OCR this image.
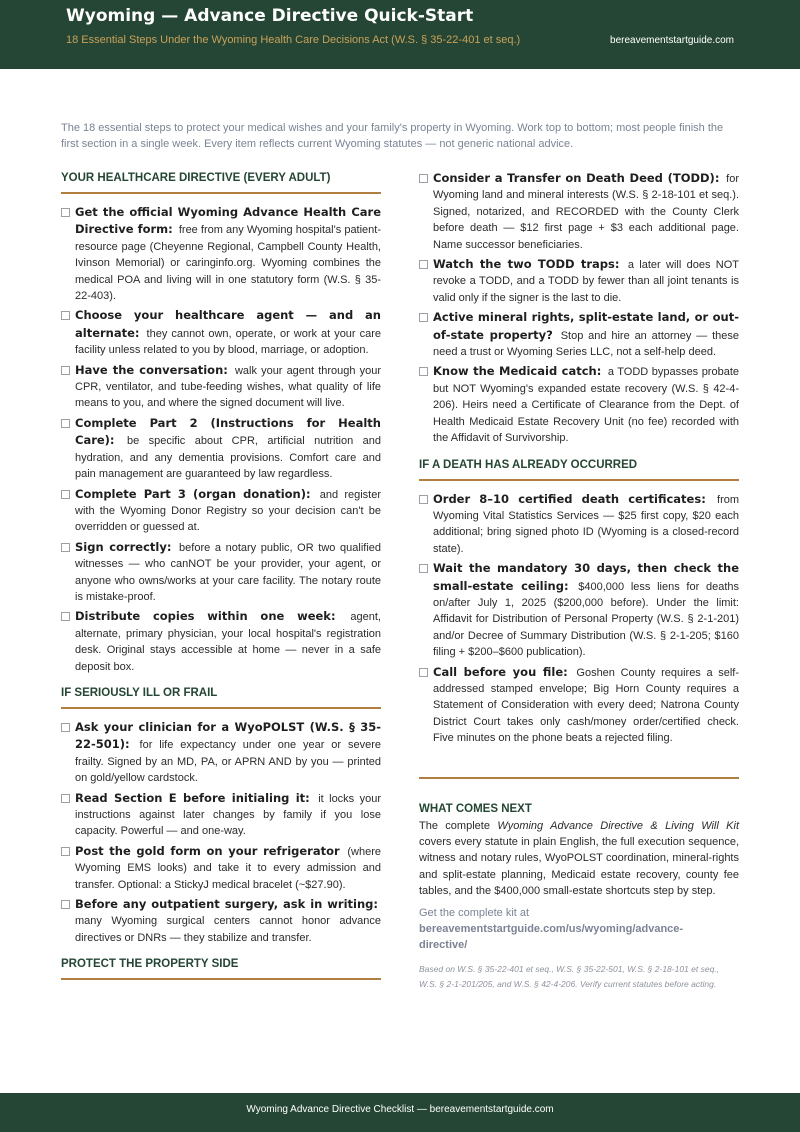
Wyoming — Advance Directive Quick-Start
18 Essential Steps Under the Wyoming Health Care Decisions Act (W.S. § 35-22-401 et seq.)	bereavementstartguide.com
The 18 essential steps to protect your medical wishes and your family's property in Wyoming. Work top to bottom; most people finish the first section in a single week. Every item reflects current Wyoming statutes — not generic national advice.
YOUR HEALTHCARE DIRECTIVE (EVERY ADULT)
Get the official Wyoming Advance Health Care Directive form: free from any Wyoming hospital's patient-resource page (Cheyenne Regional, Campbell County Health, Ivinson Memorial) or caringinfo.org. Wyoming combines the medical POA and living will in one statutory form (W.S. § 35-22-403).
Choose your healthcare agent — and an alternate: they cannot own, operate, or work at your care facility unless related to you by blood, marriage, or adoption.
Have the conversation: walk your agent through your CPR, ventilator, and tube-feeding wishes, what quality of life means to you, and where the signed document will live.
Complete Part 2 (Instructions for Health Care): be specific about CPR, artificial nutrition and hydration, and any dementia provisions. Comfort care and pain management are guaranteed by law regardless.
Complete Part 3 (organ donation): and register with the Wyoming Donor Registry so your decision can't be overridden or guessed at.
Sign correctly: before a notary public, OR two qualified witnesses — who canNOT be your provider, your agent, or anyone who owns/works at your care facility. The notary route is mistake-proof.
Distribute copies within one week: agent, alternate, primary physician, your local hospital's registration desk. Original stays accessible at home — never in a safe deposit box.
IF SERIOUSLY ILL OR FRAIL
Ask your clinician for a WyoPOLST (W.S. § 35-22-501): for life expectancy under one year or severe frailty. Signed by an MD, PA, or APRN AND by you — printed on gold/yellow cardstock.
Read Section E before initialing it: it locks your instructions against later changes by family if you lose capacity. Powerful — and one-way.
Post the gold form on your refrigerator (where Wyoming EMS looks) and take it to every admission and transfer. Optional: a StickyJ medical bracelet (~$27.90).
Before any outpatient surgery, ask in writing: many Wyoming surgical centers cannot honor advance directives or DNRs — they stabilize and transfer.
PROTECT THE PROPERTY SIDE
Consider a Transfer on Death Deed (TODD): for Wyoming land and mineral interests (W.S. § 2-18-101 et seq.). Signed, notarized, and RECORDED with the County Clerk before death — $12 first page + $3 each additional page. Name successor beneficiaries.
Watch the two TODD traps: a later will does NOT revoke a TODD, and a TODD by fewer than all joint tenants is valid only if the signer is the last to die.
Active mineral rights, split-estate land, or out-of-state property? Stop and hire an attorney — these need a trust or Wyoming Series LLC, not a self-help deed.
Know the Medicaid catch: a TODD bypasses probate but NOT Wyoming's expanded estate recovery (W.S. § 42-4-206). Heirs need a Certificate of Clearance from the Dept. of Health Medicaid Estate Recovery Unit (no fee) recorded with the Affidavit of Survivorship.
IF A DEATH HAS ALREADY OCCURRED
Order 8–10 certified death certificates: from Wyoming Vital Statistics Services — $25 first copy, $20 each additional; bring signed photo ID (Wyoming is a closed-record state).
Wait the mandatory 30 days, then check the small-estate ceiling: $400,000 less liens for deaths on/after July 1, 2025 ($200,000 before). Under the limit: Affidavit for Distribution of Personal Property (W.S. § 2-1-201) and/or Decree of Summary Distribution (W.S. § 2-1-205; $160 filing + $200–$600 publication).
Call before you file: Goshen County requires a self-addressed stamped envelope; Big Horn County requires a Statement of Consideration with every deed; Natrona County District Court takes only cash/money order/certified check. Five minutes on the phone beats a rejected filing.
WHAT COMES NEXT
The complete Wyoming Advance Directive & Living Will Kit covers every statute in plain English, the full execution sequence, witness and notary rules, WyoPOLST coordination, mineral-rights and split-estate planning, Medicaid estate recovery, county fee tables, and the $400,000 small-estate shortcuts step by step.
Get the complete kit at
bereavementstartguide.com/us/wyoming/advance-directive/
Based on W.S. § 35-22-401 et seq., W.S. § 35-22-501, W.S. § 2-18-101 et seq., W.S. § 2-1-201/205, and W.S. § 42-4-206. Verify current statutes before acting.
Wyoming Advance Directive Checklist — bereavementstartguide.com
